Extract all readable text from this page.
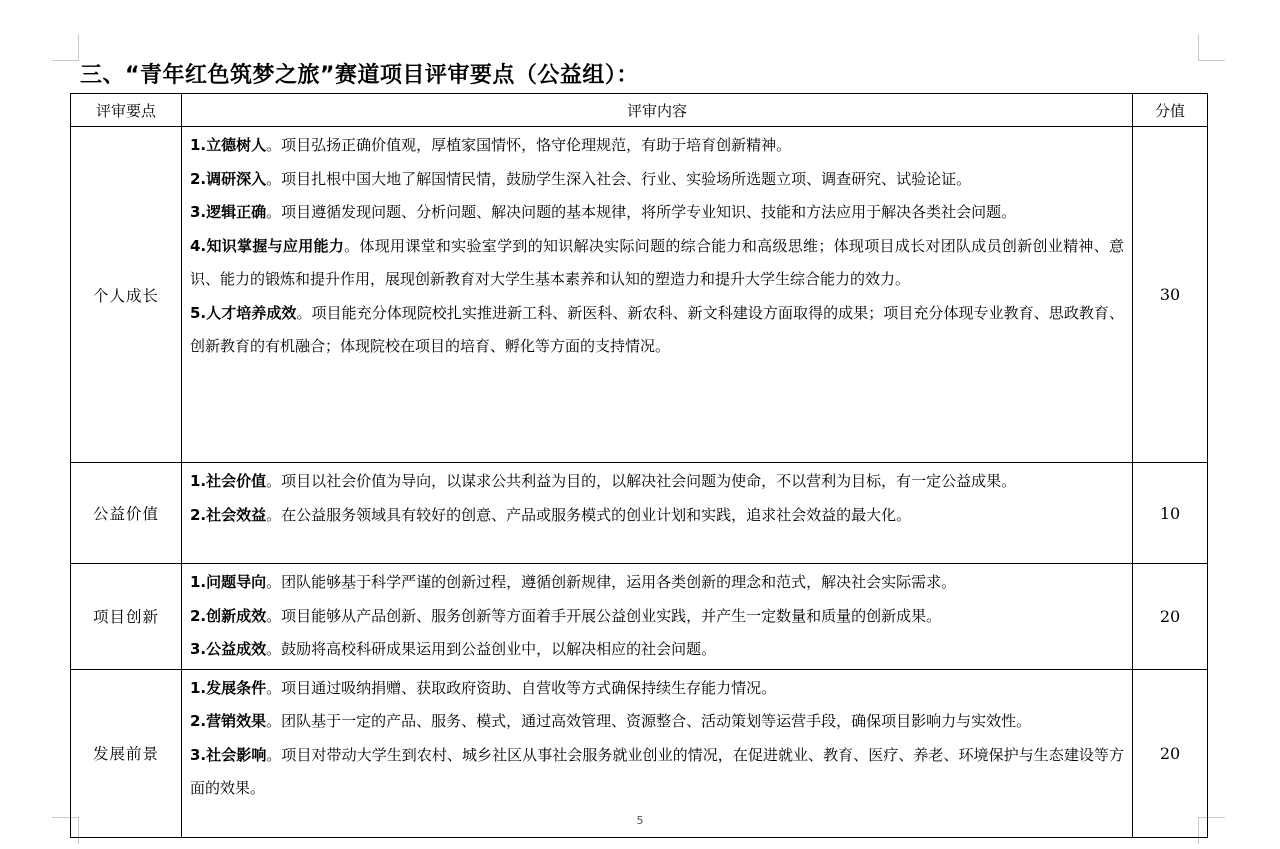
三、“青年红色筑梦之旅”赛道项目评审要点（公益组）：
评审要点	评审内容	分值
个人成长	1.立德树人。项目弘扬正确价值观，厚植家国情怀，恪守伦理规范，有助于培育创新精神。
2.调研深入。项目扎根中国大地了解国情民情，鼓励学生深入社会、行业、实验场所选题立项、调查研究、试验论证。
3.逻辑正确。项目遵循发现问题、分析问题、解决问题的基本规律，将所学专业知识、技能和方法应用于解决各类社会问题。
4.知识掌握与应用能力。体现用课堂和实验室学到的知识解决实际问题的综合能力和高级思维；体现项目成长对团队成员创新创业精神、意识、能力的锻炼和提升作用，展现创新教育对大学生基本素养和认知的塑造力和提升大学生综合能力的效力。
5.人才培养成效。项目能充分体现院校扎实推进新工科、新医科、新农科、新文科建设方面取得的成果；项目充分体现专业教育、思政教育、创新教育的有机融合；体现院校在项目的培育、孵化等方面的支持情况。	30
公益价值	1.社会价值。项目以社会价值为导向，以谋求公共利益为目的，以解决社会问题为使命，不以营利为目标，有一定公益成果。
2.社会效益。在公益服务领域具有较好的创意、产品或服务模式的创业计划和实践，追求社会效益的最大化。	10
项目创新	1.问题导向。团队能够基于科学严谨的创新过程，遵循创新规律，运用各类创新的理念和范式，解决社会实际需求。
2.创新成效。项目能够从产品创新、服务创新等方面着手开展公益创业实践，并产生一定数量和质量的创新成果。
3.公益成效。鼓励将高校科研成果运用到公益创业中，以解决相应的社会问题。	20
发展前景	1.发展条件。项目通过吸纳捐赠、获取政府资助、自营收等方式确保持续生存能力情况。
2.营销效果。团队基于一定的产品、服务、模式，通过高效管理、资源整合、活动策划等运营手段，确保项目影响力与实效性。
3.社会影响。项目对带动大学生到农村、城乡社区从事社会服务就业创业的情况，在促进就业、教育、医疗、养老、环境保护与生态建设等方面的效果。	20
5
